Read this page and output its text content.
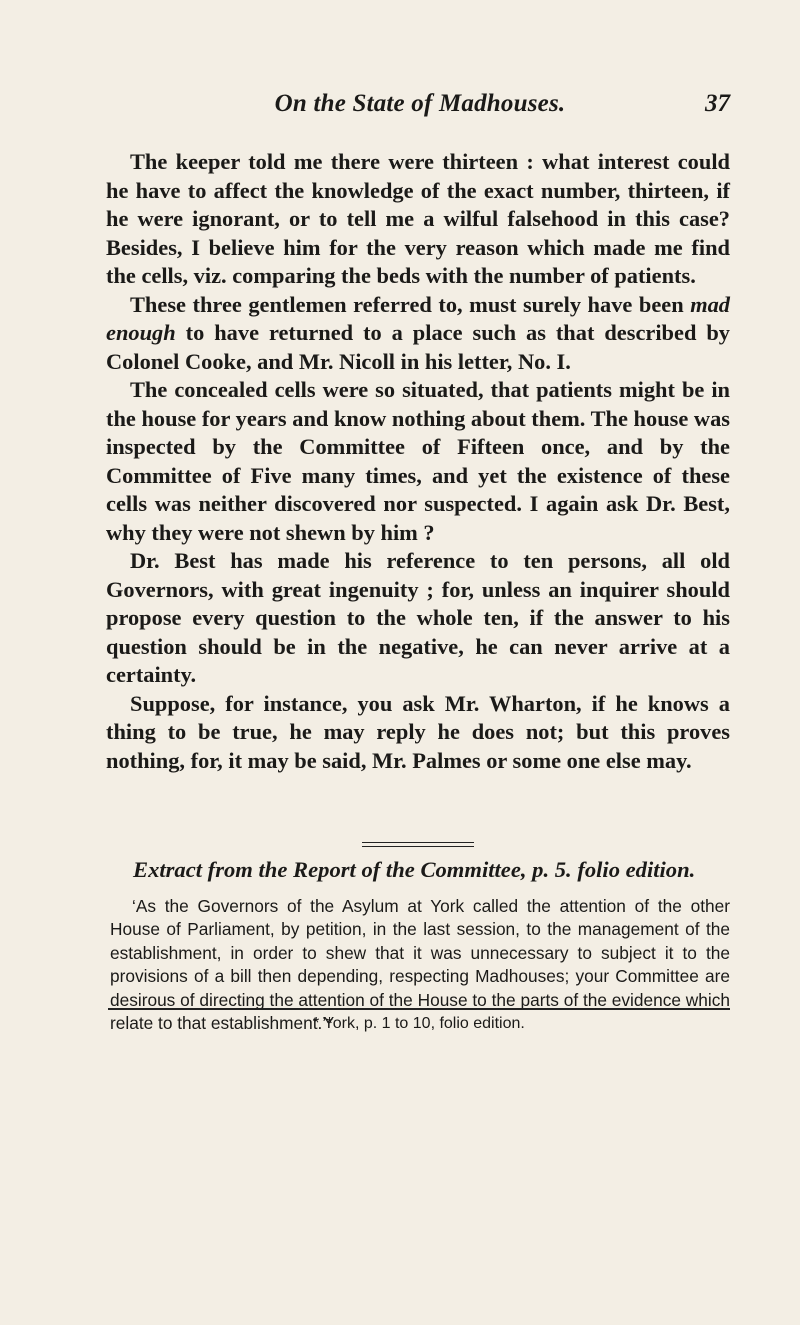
On the State of Madhouses.	37

The keeper told me there were thirteen : what interest could he have to affect the knowledge of the exact number, thirteen, if he were ignorant, or to tell me a wilful falsehood in this case? Besides, I believe him for the very reason which made me find the cells, viz. comparing the beds with the number of patients.

These three gentlemen referred to, must surely have been mad enough to have returned to a place such as that described by Colonel Cooke, and Mr. Nicoll in his letter, No. I.

The concealed cells were so situated, that patients might be in the house for years and know nothing about them. The house was inspected by the Committee of Fifteen once, and by the Committee of Five many times, and yet the existence of these cells was neither discovered nor suspected. I again ask Dr. Best, why they were not shewn by him ?

Dr. Best has made his reference to ten persons, all old Governors, with great ingenuity ; for, unless an inquirer should propose every question to the whole ten, if the answer to his question should be in the negative, he can never arrive at a certainty.

Suppose, for instance, you ask Mr. Wharton, if he knows a thing to be true, he may reply he does not; but this proves nothing, for, it may be said, Mr. Palmes or some one else may.

Extract from the Report of the Committee, p. 5. folio edition.

‘As the Governors of the Asylum at York called the attention of the other House of Parliament, by petition, in the last session, to the management of the establishment, in order to shew that it was unnecessary to subject it to the provisions of a bill then depending, respecting Madhouses; your Committee are desirous of directing the attention of the House to the parts of the evidence which relate to that establishment.’*

* York, p. 1 to 10, folio edition.
